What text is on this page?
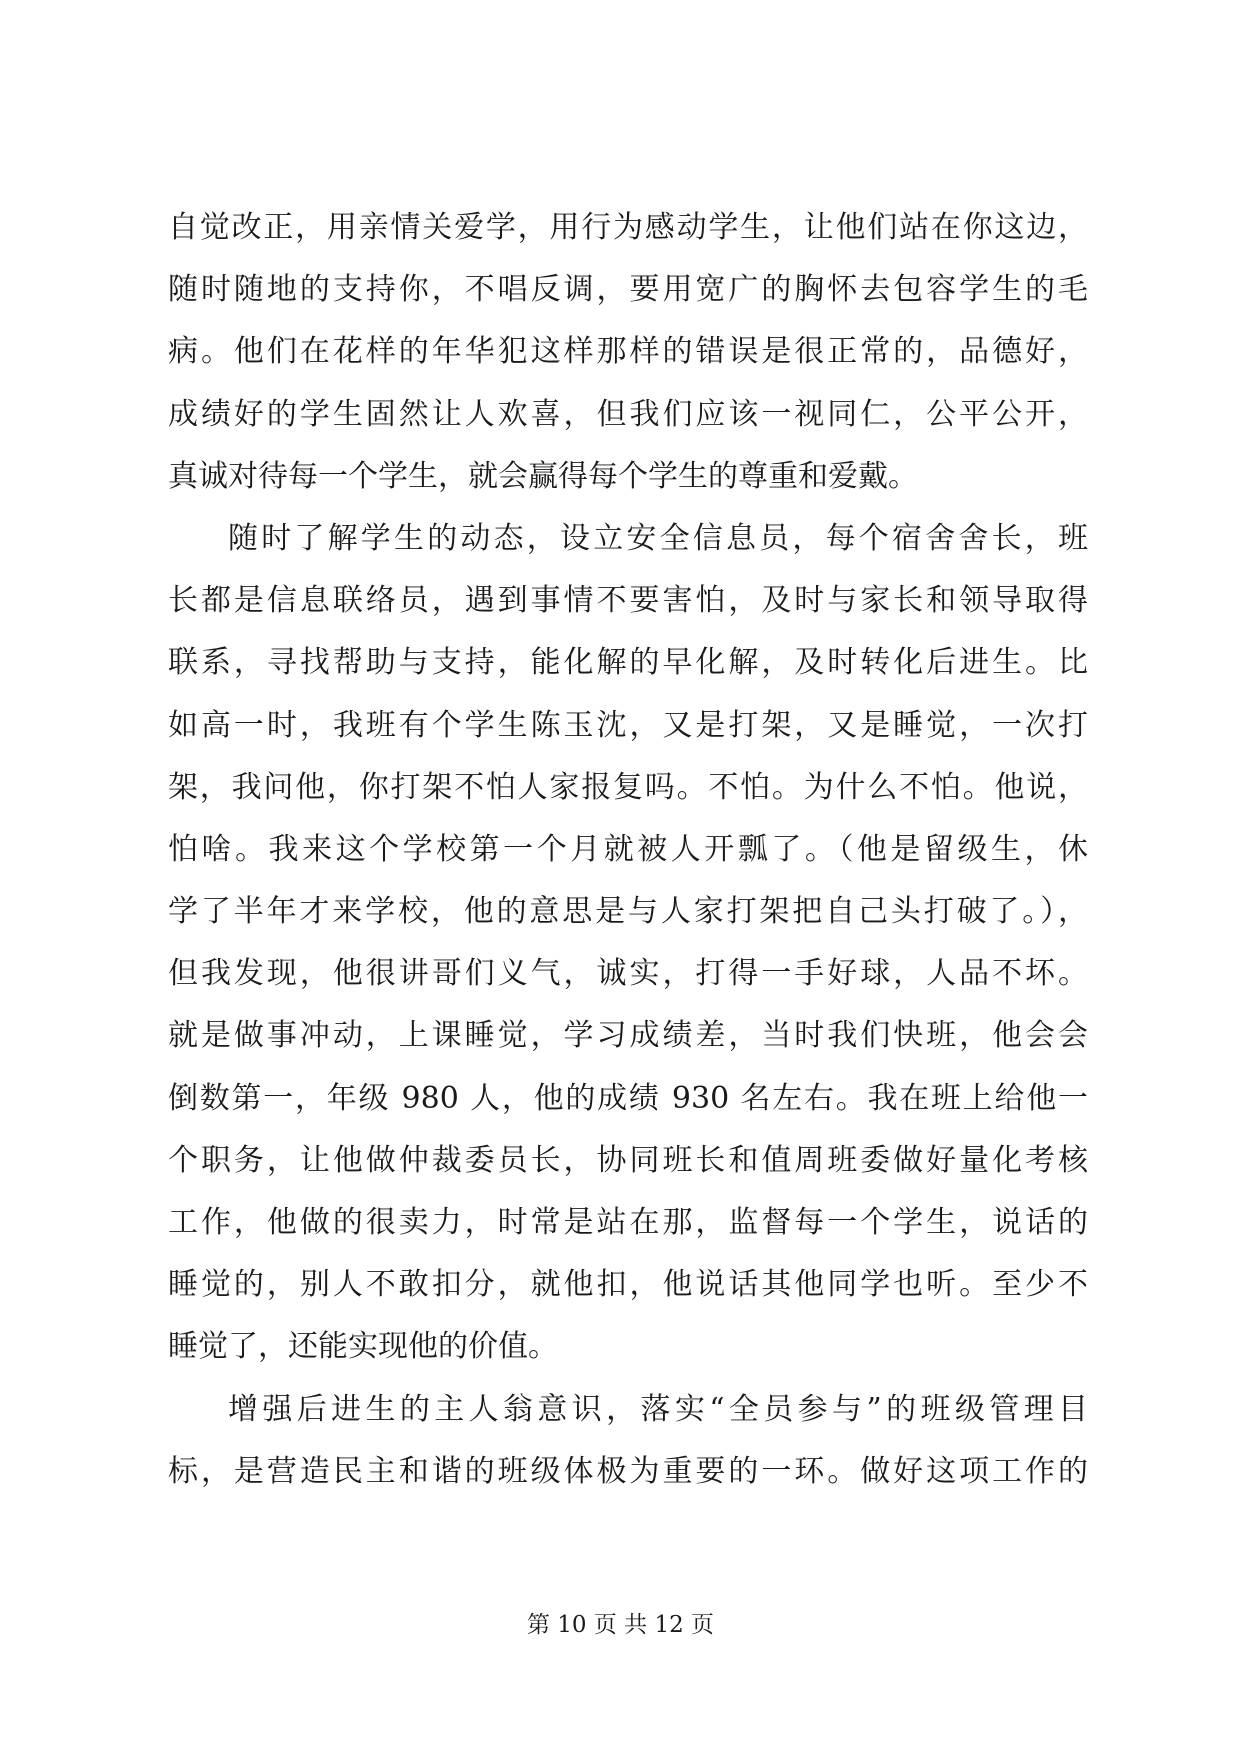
自觉改正，用亲情关爱学，用行为感动学生，让他们站在你这边，
随时随地的支持你，不唱反调，要用宽广的胸怀去包容学生的毛
病。他们在花样的年华犯这样那样的错误是很正常的，品德好，
成绩好的学生固然让人欢喜，但我们应该一视同仁，公平公开，
真诚对待每一个学生，就会赢得每个学生的尊重和爱戴。
随时了解学生的动态，设立安全信息员，每个宿舍舍长，班
长都是信息联络员，遇到事情不要害怕，及时与家长和领导取得
联系，寻找帮助与支持，能化解的早化解，及时转化后进生。比
如高一时，我班有个学生陈玉沈，又是打架，又是睡觉，一次打
架，我问他，你打架不怕人家报复吗。不怕。为什么不怕。他说，
怕啥。我来这个学校第一个月就被人开瓢了。（他是留级生，休
学了半年才来学校，他的意思是与人家打架把自己头打破了。），
但我发现，他很讲哥们义气，诚实，打得一手好球，人品不坏。
就是做事冲动，上课睡觉，学习成绩差，当时我们快班，他会会
倒数第一，年级 980 人，他的成绩 930 名左右。我在班上给他一
个职务，让他做仲裁委员长，协同班长和值周班委做好量化考核
工作，他做的很卖力，时常是站在那，监督每一个学生，说话的
睡觉的，别人不敢扣分，就他扣，他说话其他同学也听。至少不
睡觉了，还能实现他的价值。
增强后进生的主人翁意识，落实“全员参与”的班级管理目
标，是营造民主和谐的班级体极为重要的一环。做好这项工作的
第 10 页 共 12 页
